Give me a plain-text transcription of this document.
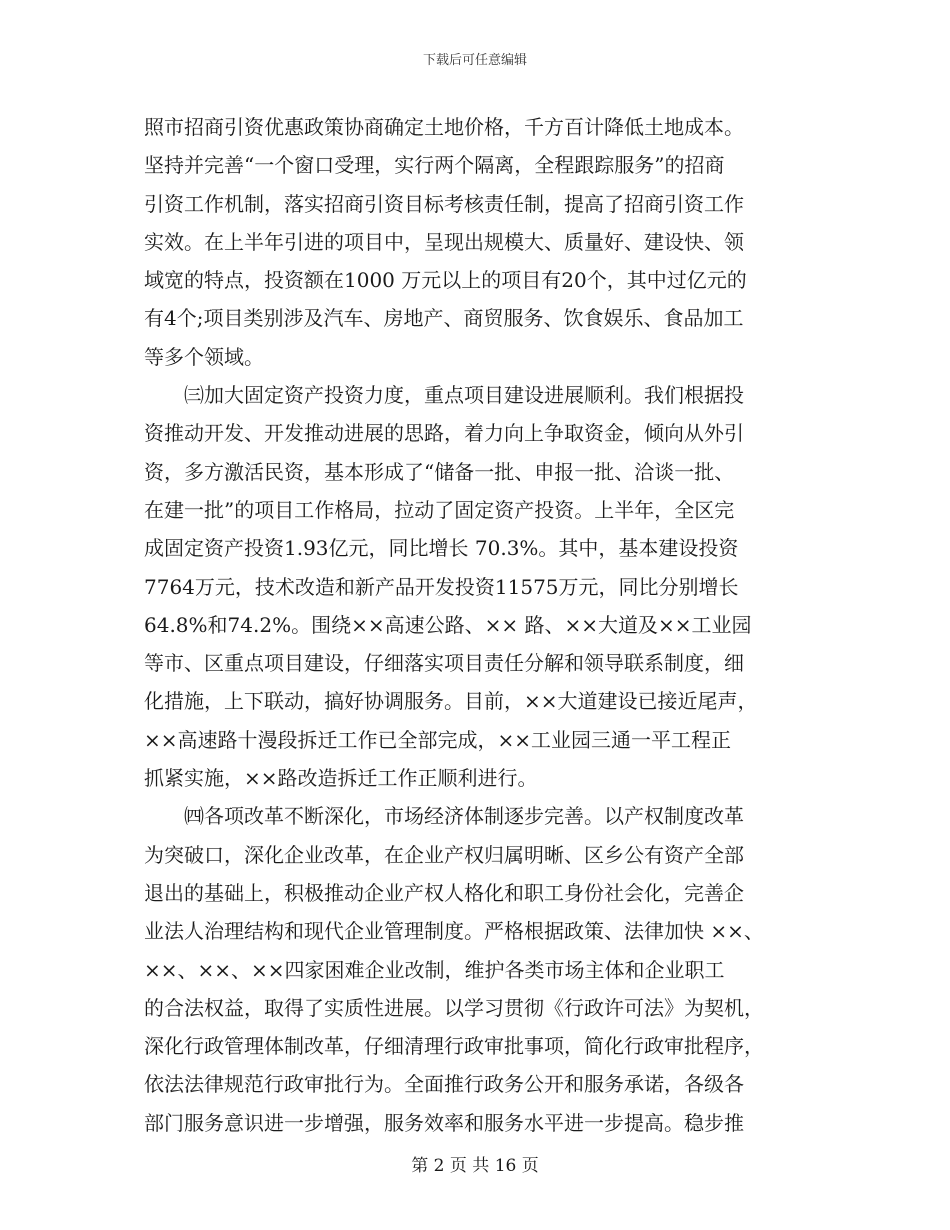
下载后可任意编辑
照市招商引资优惠政策协商确定土地价格，千方百计降低土地成本。
坚持并完善“一个窗口受理，实行两个隔离，全程跟踪服务”的招商
引资工作机制，落实招商引资目标考核责任制，提高了招商引资工作
实效。在上半年引进的项目中，呈现出规模大、质量好、建设快、领
域宽的特点，投资额在1000 万元以上的项目有20个，其中过亿元的
有4个;项目类别涉及汽车、房地产、商贸服务、饮食娱乐、食品加工
等多个领域。
㈢加大固定资产投资力度，重点项目建设进展顺利。我们根据投
资推动开发、开发推动进展的思路，着力向上争取资金，倾向从外引
资，多方激活民资，基本形成了“储备一批、申报一批、洽谈一批、
在建一批”的项目工作格局，拉动了固定资产投资。上半年，全区完
成固定资产投资1.93亿元，同比增长 70.3%。其中，基本建设投资
7764万元，技术改造和新产品开发投资11575万元，同比分别增长
64.8%和74.2%。围绕××高速公路、×× 路、××大道及××工业园
等市、区重点项目建设，仔细落实项目责任分解和领导联系制度，细
化措施，上下联动，搞好协调服务。目前，××大道建设已接近尾声，
××高速路十漫段拆迁工作已全部完成，××工业园三通一平工程正
抓紧实施，××路改造拆迁工作正顺利进行。
㈣各项改革不断深化，市场经济体制逐步完善。以产权制度改革
为突破口，深化企业改革，在企业产权归属明晰、区乡公有资产全部
退出的基础上，积极推动企业产权人格化和职工身份社会化，完善企
业法人治理结构和现代企业管理制度。严格根据政策、法律加快 ××、
××、××、××四家困难企业改制，维护各类市场主体和企业职工
的合法权益，取得了实质性进展。以学习贯彻《行政许可法》为契机，
深化行政管理体制改革，仔细清理行政审批事项，简化行政审批程序，
依法法律规范行政审批行为。全面推行政务公开和服务承诺，各级各
部门服务意识进一步增强，服务效率和服务水平进一步提高。稳步推
第 2 页 共 16 页
